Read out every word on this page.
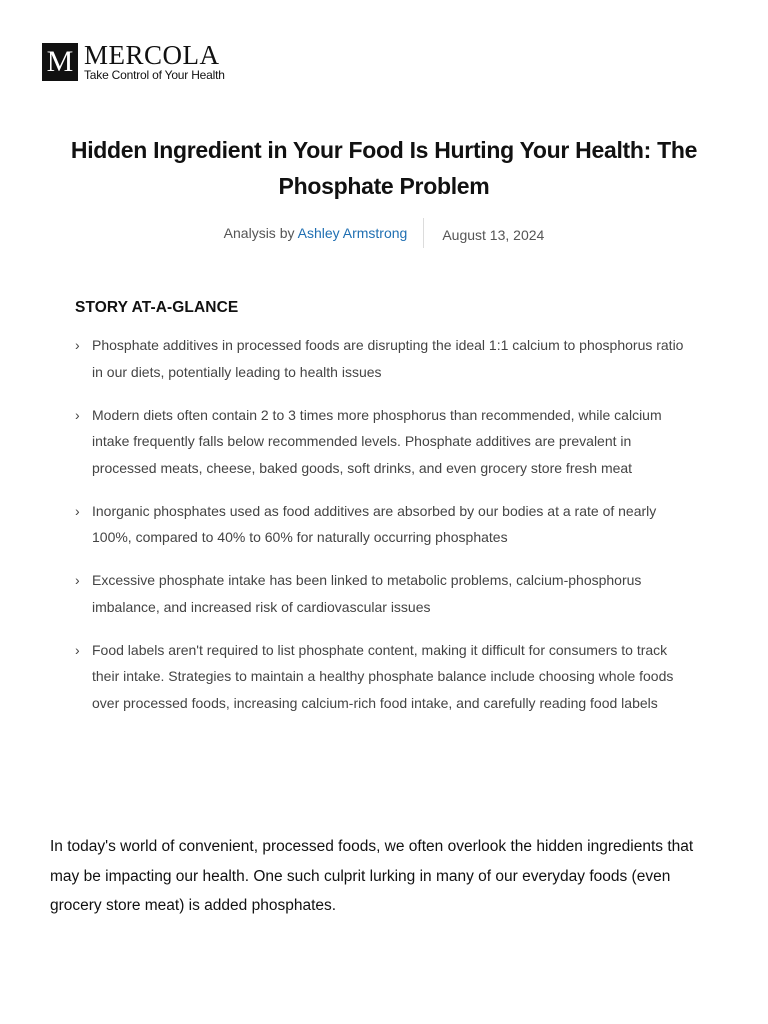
M MERCOLA
Take Control of Your Health
Hidden Ingredient in Your Food Is Hurting Your Health: The Phosphate Problem
Analysis by Ashley Armstrong	August 13, 2024
STORY AT-A-GLANCE
› Phosphate additives in processed foods are disrupting the ideal 1:1 calcium to phosphorus ratio in our diets, potentially leading to health issues
› Modern diets often contain 2 to 3 times more phosphorus than recommended, while calcium intake frequently falls below recommended levels. Phosphate additives are prevalent in processed meats, cheese, baked goods, soft drinks, and even grocery store fresh meat
› Inorganic phosphates used as food additives are absorbed by our bodies at a rate of nearly 100%, compared to 40% to 60% for naturally occurring phosphates
› Excessive phosphate intake has been linked to metabolic problems, calcium-phosphorus imbalance, and increased risk of cardiovascular issues
› Food labels aren't required to list phosphate content, making it difficult for consumers to track their intake. Strategies to maintain a healthy phosphate balance include choosing whole foods over processed foods, increasing calcium-rich food intake, and carefully reading food labels

In today's world of convenient, processed foods, we often overlook the hidden ingredients that may be impacting our health. One such culprit lurking in many of our everyday foods (even grocery store meat) is added phosphates.
